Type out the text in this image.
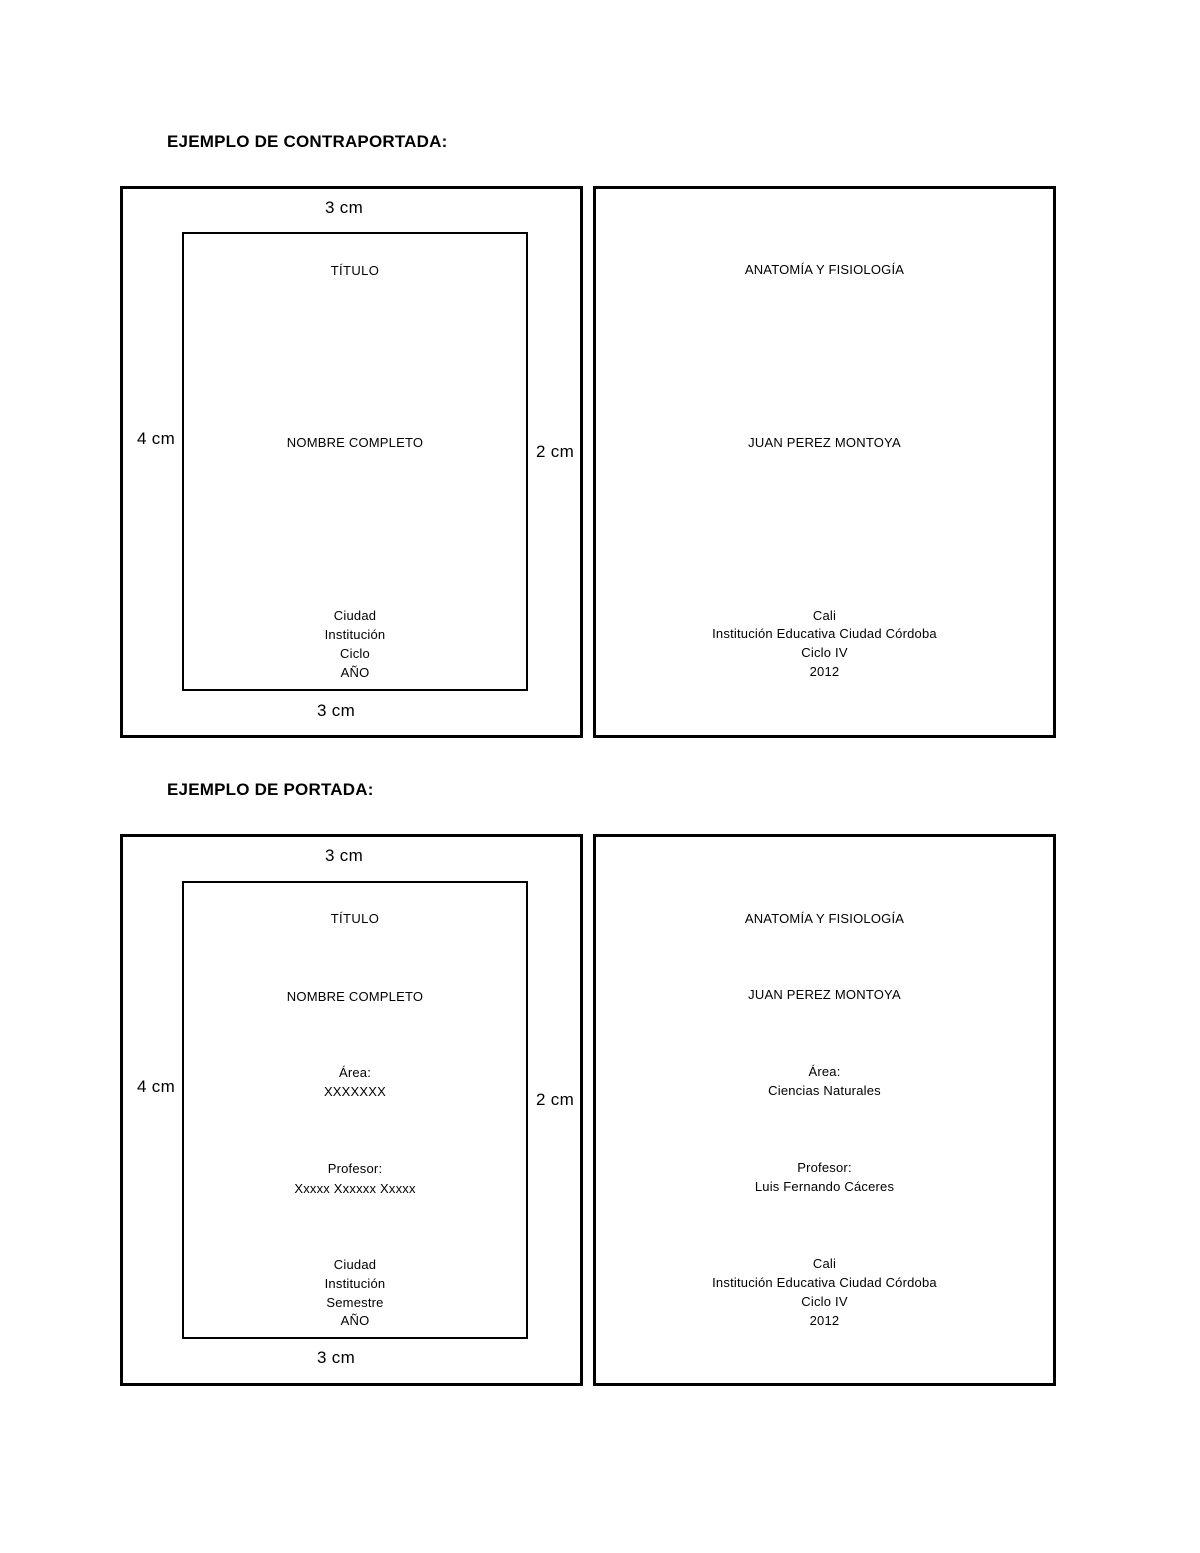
EJEMPLO DE CONTRAPORTADA:
3 cm
4 cm
2 cm
3 cm
TÍTULO
NOMBRE COMPLETO
Ciudad
Institución
Ciclo
AÑO
ANATOMÍA Y FISIOLOGÍA
JUAN PEREZ MONTOYA
Cali
Institución Educativa Ciudad Córdoba
Ciclo IV
2012
EJEMPLO DE PORTADA:
3 cm
4 cm
2 cm
3 cm
TÍTULO
NOMBRE COMPLETO
Área:
XXXXXXX
Profesor:
Xxxxx Xxxxxx Xxxxx
Ciudad
Institución
Semestre
AÑO
ANATOMÍA Y FISIOLOGÍA
JUAN PEREZ MONTOYA
Área:
Ciencias Naturales
Profesor:
Luis Fernando Cáceres
Cali
Institución Educativa Ciudad Córdoba
Ciclo IV
2012
